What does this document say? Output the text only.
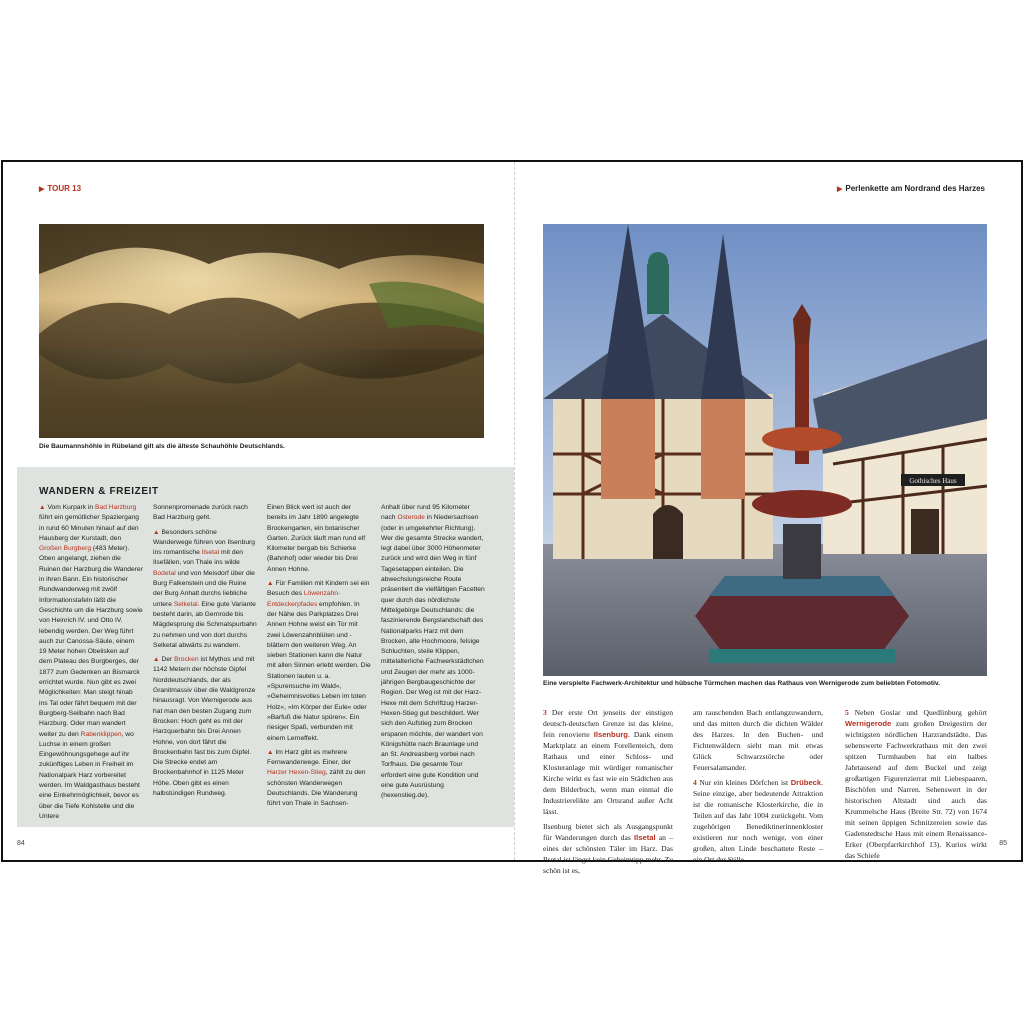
▶ TOUR 13
Die Baumannshöhle in Rübeland gilt als die älteste Schauhöhle Deutschlands.
WANDERN & FREIZEIT

▲ Vom Kurpark in Bad Harzburg führt ein gemütlicher Spaziergang in rund 60 Minuten hinauf auf den Hausberg der Kurstadt, den Großen Burgberg (483 Meter). Oben angelangt, ziehen die Ruinen der Harzburg die Wanderer in ihren Bann. Ein historischer Rundwanderweg mit zwölf Informationstafeln läßt die Geschichte um die Harzburg sowie von Heinrich IV. und Otto IV. lebendig werden. Der Weg führt auch zur Canossa-Säule, einem 19 Meter hohen Obelisken auf dem Plateau des Burgberges, der 1877 zum Gedenken an Bismarck errichtet wurde. Nun gibt es zwei Möglichkeiten: Man steigt hinab ins Tal oder fährt bequem mit der Burgberg-Seilbahn nach Bad Harzburg. Oder man wandert weiter zu den Rabenklippen, wo Luchse in einem großen Eingewöhnungsgehege auf ihr zukünftiges Leben in Freiheit im Nationalpark Harz vorbereitet werden. Im Waldgasthaus besteht eine Einkehrmöglichkeit, bevor es über die Tiefe Kohlstelle und die Untere

Sonnenpromenade zurück nach Bad Harzburg geht.

▲ Besonders schöne Wanderwege führen von Ilsenburg ins romantische Ilsetal mit den Ilsefällen, von Thale ins wilde Bodetal und von Meisdorf über die Burg Falkenstein und die Ruine der Burg Anhalt durchs liebliche untere Selketal. Eine gute Variante besteht darin, ab Gernrode bis Mägdesprung die Schmalspurbahn zu nehmen und von dort durchs Selketal abwärts zu wandern.

▲ Der Brocken ist Mythos und mit 1142 Metern der höchste Gipfel Norddeutschlands, der als Granitmassiv über die Waldgrenze hinausragt. Von Wernigerode aus hat man den besten Zugang zum Brocken: Hoch geht es mit der Harzquerbahn bis Drei Annen Hohne, von dort fährt die Brockenbahn fast bis zum Gipfel. Die Strecke endet am Brockenbahnhof in 1125 Meter Höhe. Oben gibt es einen halbstündigen Rundweg.

Einen Blick wert ist auch der bereits im Jahr 1890 angelegte Brockengarten, ein botanischer Garten. Zurück läuft man rund elf Kilometer bergab bis Schierke (Bahnhof) oder wieder bis Drei Annen Hohne.

▲ Für Familien mit Kindern sei ein Besuch des Löwenzahn-Entdeckerpfades empfohlen. In der Nähe des Parkplatzes Drei Annen Hohne weist ein Tor mit zwei Löwenzahnblüten und -blättern den weiteren Weg. An sieben Stationen kann die Natur mit allen Sinnen erlebt werden. Die Stationen lauten u. a. »Spurensuche im Wald«, »Geheimnisvolles Leben im toten Holz«, »Im Körper der Eule« oder »Barfuß die Natur spüren«. Ein riesiger Spaß, verbunden mit einem Lerneffekt.

▲ Im Harz gibt es mehrere Fernwanderwege. Einer, der Harzer Hexen-Stieg, zählt zu den schönsten Wanderwegen Deutschlands. Die Wanderung führt von Thale in Sachsen-

Anhalt über rund 95 Kilometer nach Osterode in Niedersachsen (oder in umgekehrter Richtung). Wer die gesamte Strecke wandert, legt dabei über 3000 Höhenmeter zurück und wird den Weg in fünf Tagesetappen einteilen. Die abwechslungsreiche Route präsentiert die vielfältigen Facetten quer durch das nördlichste Mittelgebirge Deutschlands: die faszinierende Bergslandschaft des Nationalparks Harz mit dem Brocken, alte Hochmoore, felsige Schluchten, steile Klippen, mittelalterliche Fachwerkstädtchen und Zeugen der mehr als 1000-jährigen Bergbaugeschichte der Region. Der Weg ist mit der Harz-Hexe mit dem Schriftzug Harzer-Hexen-Stieg gut beschildert. Wer sich den Aufstieg zum Brocken ersparen möchte, der wandert von Königshütte nach Braunlage und an St. Andreasberg vorbei nach Torfhaus. Die gesamte Tour erfordert eine gute Kondition und eine gute Ausrüstung (hexenstieg.de).

84
▶ Perlenkette am Nordrand des Harzes
Gothisches Haus
Eine verspielte Fachwerk-Architektur und hübsche Türmchen machen das Rathaus von Wernigerode zum beliebten Fotomotiv.

3 Der erste Ort jenseits der einstigen deutsch-deutschen Grenze ist das kleine, fein renovierte Ilsenburg. Dank einem Marktplatz an einem Forellenteich, dem Rathaus und einer Schloss- und Klosteranlage mit würdiger romanischer Kirche wirkt es fast wie ein Städtchen aus dem Bilderbuch, wenn man einmal die Industrierelikte am Ortsrand außer Acht lässt.

Ilsenburg bietet sich als Ausgangspunkt für Wanderungen durch das Ilsetal an – eines der schönsten Täler im Harz. Das Ilsetal ist längst kein Geheimtipp mehr. Zu schön ist es,

am rauschenden Bach entlangzuwandern, und das mitten durch die dichten Wälder des Harzes. In den Buchen- und Fichtenwäldern sieht man mit etwas Glück Schwarzstörche oder Feuersalamander.

4 Nur ein kleines Dörfchen ist Drübeck. Seine einzige, aber bedeutende Attraktion ist die romanische Klosterkirche, die in Teilen auf das Jahr 1004 zurückgeht. Vom zugehörigen Benediktinerinnenkloster existieren nur noch wenige, von einer großen, alten Linde beschattete Reste – ein Ort der Stille.

5 Neben Goslar und Quedlinburg gehört Wernigerode zum großen Dreigestirn der wichtigsten nördlichen Harzrandstädte. Das sehenswerte Fachwerkrathaus mit den zwei spitzen Turmhauben hat ein halbes Jahrtausend auf dem Buckel und zeigt großartigen Figurenzierrat mit Liebespaaren, Bischöfen und Narren. Sehenswert in der historischen Altstadt sind auch das Krummelsche Haus (Breite Str. 72) von 1674 mit seinen üppigen Schnitzereien sowie das Gadenstedtsche Haus mit einem Renaissance-Erker (Oberpfarrkirchhof 13). Kurios wirkt das Schiefe

85
